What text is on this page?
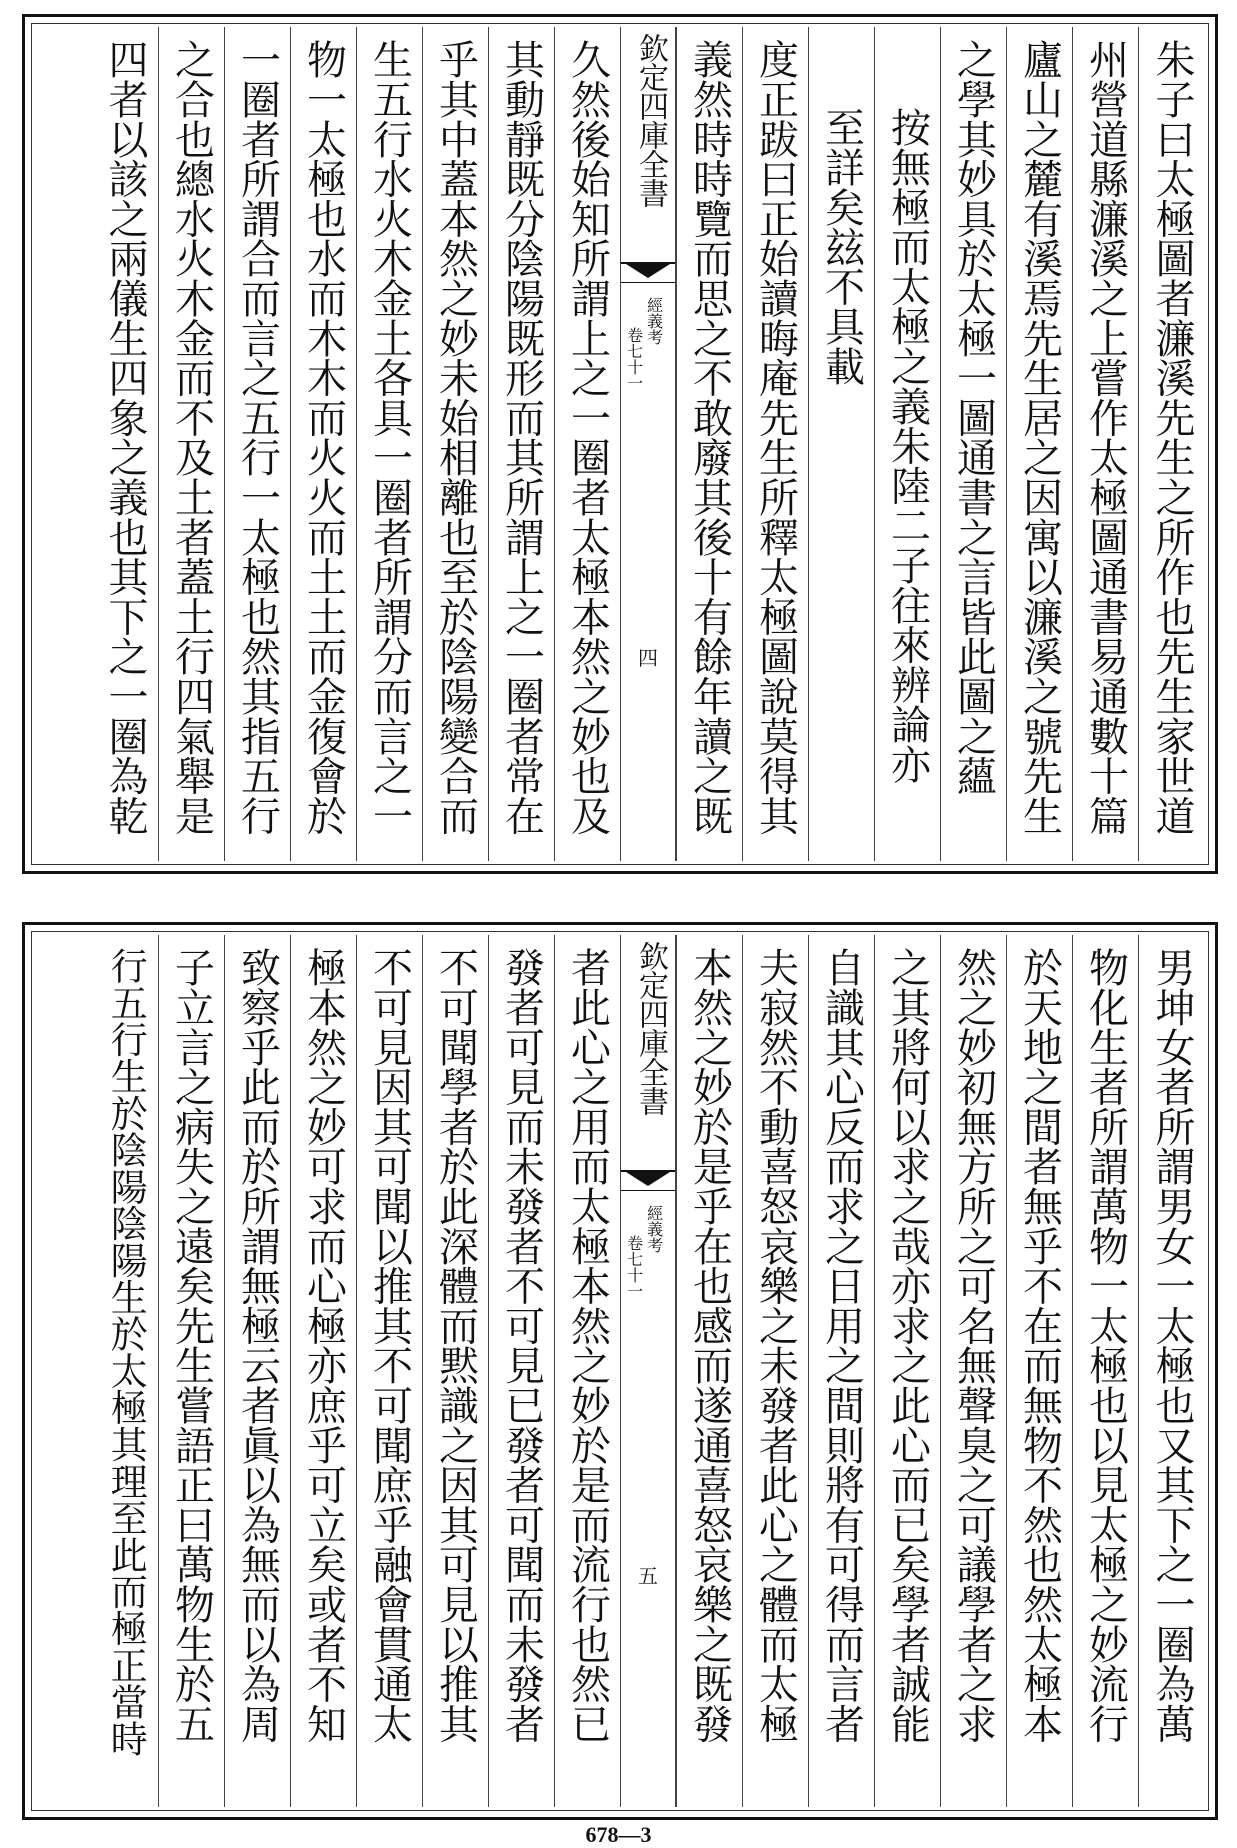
朱子曰太極圖者濂溪先生之所作也先生家世道
州營道縣濂溪之上嘗作太極圖通書易通數十篇
廬山之麓有溪焉先生居之因寓以濂溪之號先生
之學其妙具於太極一圖通書之言皆此圖之蘊
按無極而太極之義朱陸二子往來辨論亦
至詳矣玆不具載
度正跋曰正始讀晦庵先生所釋太極圖說莫得其
義然時時覽而思之不敢廢其後十有餘年讀之既
欽定四庫全書
經義考
卷七十一
四
久然後始知所謂上之一圈者太極本然之妙也及
其動靜既分陰陽既形而其所謂上之一圈者常在
乎其中蓋本然之妙未始相離也至於陰陽變合而
生五行水火木金土各具一圈者所謂分而言之一
物一太極也水而木木而火火而土土而金復會於
一圈者所謂合而言之五行一太極也然其指五行
之合也總水火木金而不及土者蓋土行四氣舉是
四者以該之兩儀生四象之義也其下之一圈為乾
男坤女者所謂男女一太極也又其下之一圈為萬
物化生者所謂萬物一太極也以見太極之妙流行
於天地之間者無乎不在而無物不然也然太極本
然之妙初無方所之可名無聲臭之可議學者之求
之其將何以求之哉亦求之此心而已矣學者誠能
自識其心反而求之日用之間則將有可得而言者
夫寂然不動喜怒哀樂之未發者此心之體而太極
本然之妙於是乎在也感而遂通喜怒哀樂之既發
欽定四庫全書
經義考
卷七十一
五
者此心之用而太極本然之妙於是而流行也然已
發者可見而未發者不可見已發者可聞而未發者
不可聞學者於此深體而黙識之因其可見以推其
不可見因其可聞以推其不可聞庶乎融會貫通太
極本然之妙可求而心極亦庶乎可立矣或者不知
致察乎此而於所謂無極云者眞以為無而以為周
子立言之病失之遠矣先生嘗語正曰萬物生於五
行五行生於陰陽陰陽生於太極其理至此而極正當時
678—3
